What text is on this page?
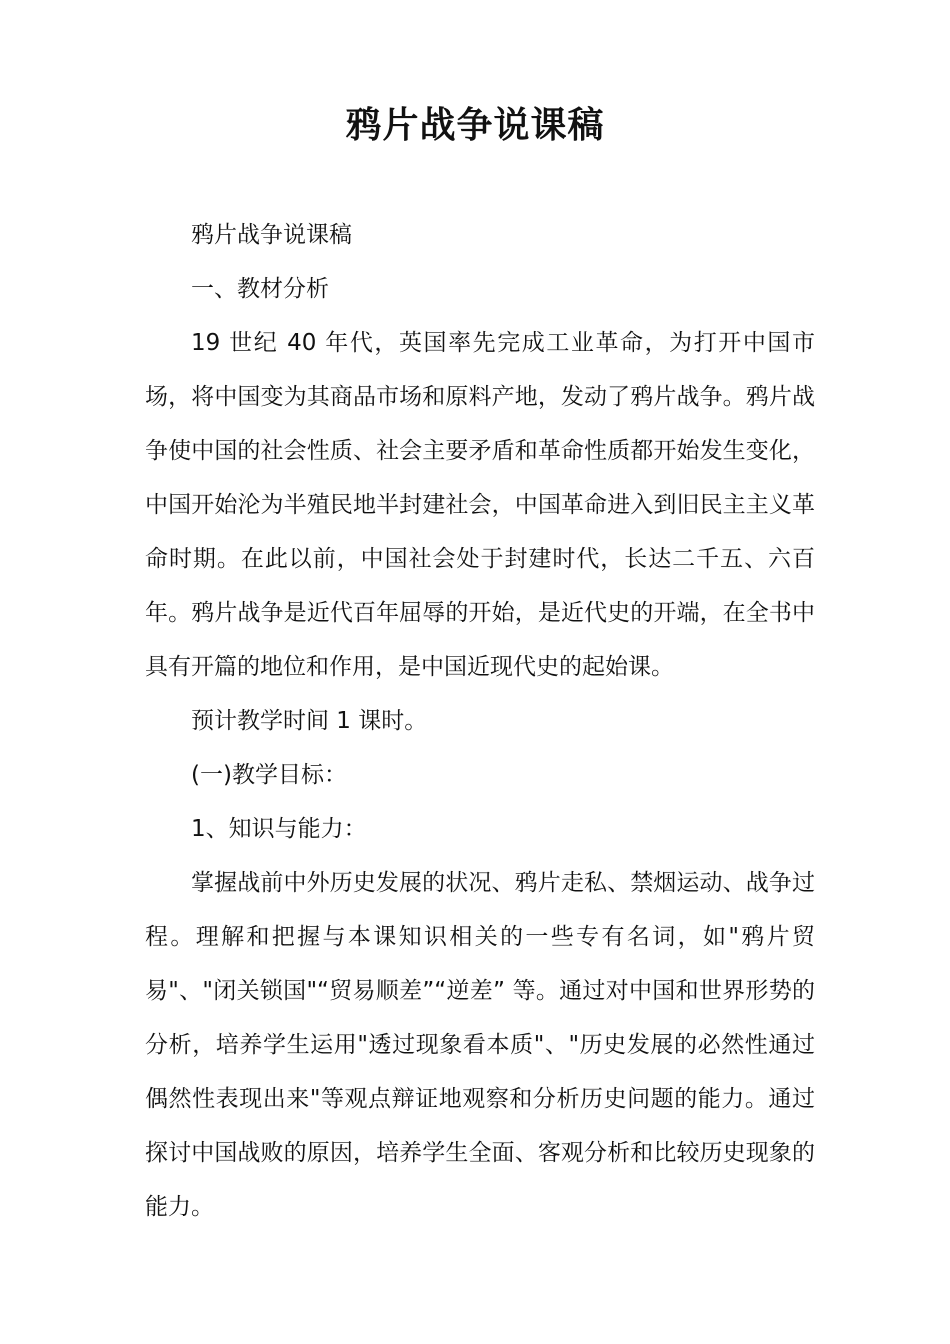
鸦片战争说课稿

鸦片战争说课稿

一、教材分析

19 世纪 40 年代，英国率先完成工业革命，为打开中国市场，将中国变为其商品市场和原料产地，发动了鸦片战争。鸦片战争使中国的社会性质、社会主要矛盾和革命性质都开始发生变化，中国开始沦为半殖民地半封建社会，中国革命进入到旧民主主义革命时期。在此以前，中国社会处于封建时代，长达二千五、六百年。鸦片战争是近代百年屈辱的开始，是近代史的开端，在全书中具有开篇的地位和作用，是中国近现代史的起始课。

预计教学时间 1 课时。

(一)教学目标：

1、知识与能力：

掌握战前中外历史发展的状况、鸦片走私、禁烟运动、战争过程。理解和把握与本课知识相关的一些专有名词，如"鸦片贸易"、"闭关锁国"“贸易顺差”“逆差” 等。通过对中国和世界形势的分析，培养学生运用"透过现象看本质"、"历史发展的必然性通过偶然性表现出来"等观点辩证地观察和分析历史问题的能力。通过探讨中国战败的原因，培养学生全面、客观分析和比较历史现象的能力。
